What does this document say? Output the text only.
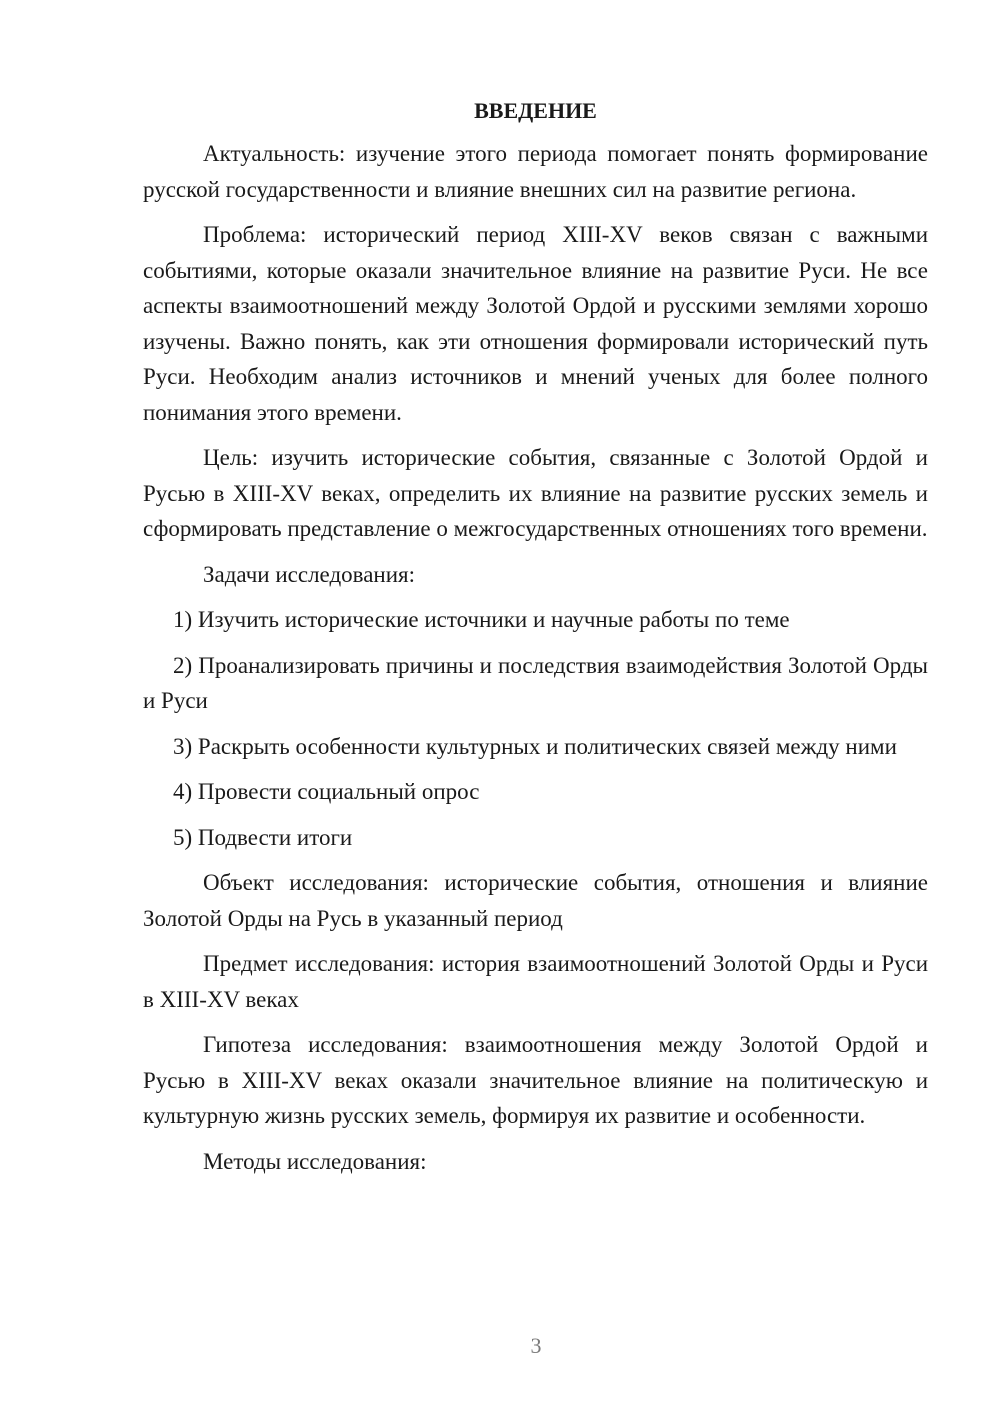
ВВЕДЕНИЕ

Актуальность: изучение этого периода помогает понять формирование русской государственности и влияние внешних сил на развитие региона.

Проблема: исторический период XIII-XV веков связан с важными событиями, которые оказали значительное влияние на развитие Руси. Не все аспекты взаимоотношений между Золотой Ордой и русскими землями хорошо изучены. Важно понять, как эти отношения формировали исторический путь Руси. Необходим анализ источников и мнений ученых для более полного понимания этого времени.

Цель: изучить исторические события, связанные с Золотой Ордой и Русью в XIII-XV веках, определить их влияние на развитие русских земель и сформировать представление о межгосударственных отношениях того времени.

Задачи исследования:

1) Изучить исторические источники и научные работы по теме

2) Проанализировать причины и последствия взаимодействия Золотой Орды и Руси

3) Раскрыть особенности культурных и политических связей между ними

4) Провести социальный опрос

5) Подвести итоги

Объект исследования: исторические события, отношения и влияние Золотой Орды на Русь в указанный период

Предмет исследования: история взаимоотношений Золотой Орды и Руси в XIII-XV веках

Гипотеза исследования: взаимоотношения между Золотой Ордой и Русью в XIII-XV веках оказали значительное влияние на политическую и культурную жизнь русских земель, формируя их развитие и особенности.

Методы исследования:

3
